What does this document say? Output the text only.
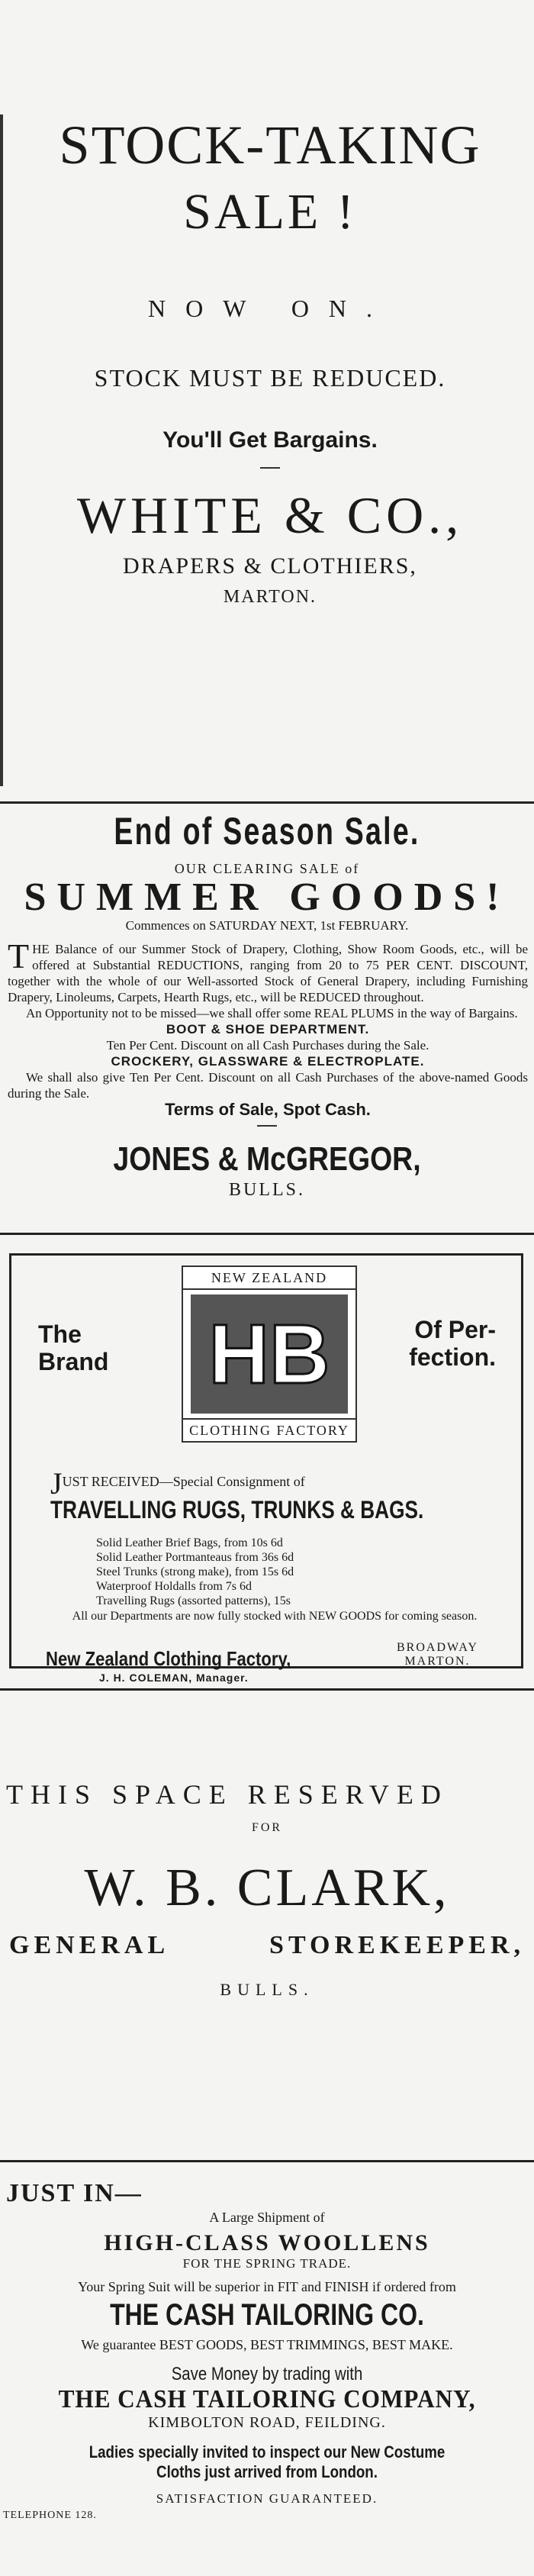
STOCK-TAKING

SALE !

NOW ON.

STOCK MUST BE REDUCED.

You'll Get Bargains.

WHITE & CO.,

DRAPERS & CLOTHIERS,

MARTON.

End of Season Sale.

OUR CLEARING SALE of

SUMMER GOODS!

Commences on SATURDAY NEXT, 1st FEBRUARY.

T HE Balance of our Summer Stock of Drapery, Clothing, Show Room Goods, etc., will be offered at Substantial REDUCTIONS, ranging from 20 to 75 PER CENT. DISCOUNT, together with the whole of our Well-assorted Stock of General Drapery, including Furnishing Drapery, Linoleums, Carpets, Hearth Rugs, etc., will be REDUCED throughout.

An Opportunity not to be missed—we shall offer some REAL PLUMS in the way of Bargains.

BOOT & SHOE DEPARTMENT.

Ten Per Cent. Discount on all Cash Purchases during the Sale.

CROCKERY, GLASSWARE & ELECTROPLATE.

We shall also give Ten Per Cent. Discount on all Cash Purchases of the above-named Goods during the Sale.

Terms of Sale, Spot Cash.

JONES & McGREGOR,

BULLS.

The
Brand
NEW ZEALAND
HB
CLOTHING FACTORY
Of Per-
fection.
JUST RECEIVED—Special Consignment of
TRAVELLING RUGS, TRUNKS & BAGS.
Solid Leather Brief Bags, from 10s 6d
Solid Leather Portmanteaus from 36s 6d
Steel Trunks (strong make), from 15s 6d
Waterproof Holdalls from 7s 6d
Travelling Rugs (assorted patterns), 15s
All our Departments are now fully stocked with NEW GOODS for coming season.
New Zealand Clothing Factory,
J. H. COLEMAN, Manager.
BROADWAY
MARTON.

THIS SPACE RESERVED

FOR

W. B. CLARK,

GENERAL	STOREKEEPER,

BULLS.

JUST IN—

A Large Shipment of

HIGH-CLASS WOOLLENS

FOR THE SPRING TRADE.

Your Spring Suit will be superior in FIT and FINISH if ordered from

THE CASH TAILORING CO.

We guarantee BEST GOODS, BEST TRIMMINGS, BEST MAKE.

Save Money by trading with

THE CASH TAILORING COMPANY,

KIMBOLTON ROAD, FEILDING.

Ladies specially invited to inspect our New Costume
Cloths just arrived from London.

SATISFACTION GUARANTEED.

TELEPHONE 128.
